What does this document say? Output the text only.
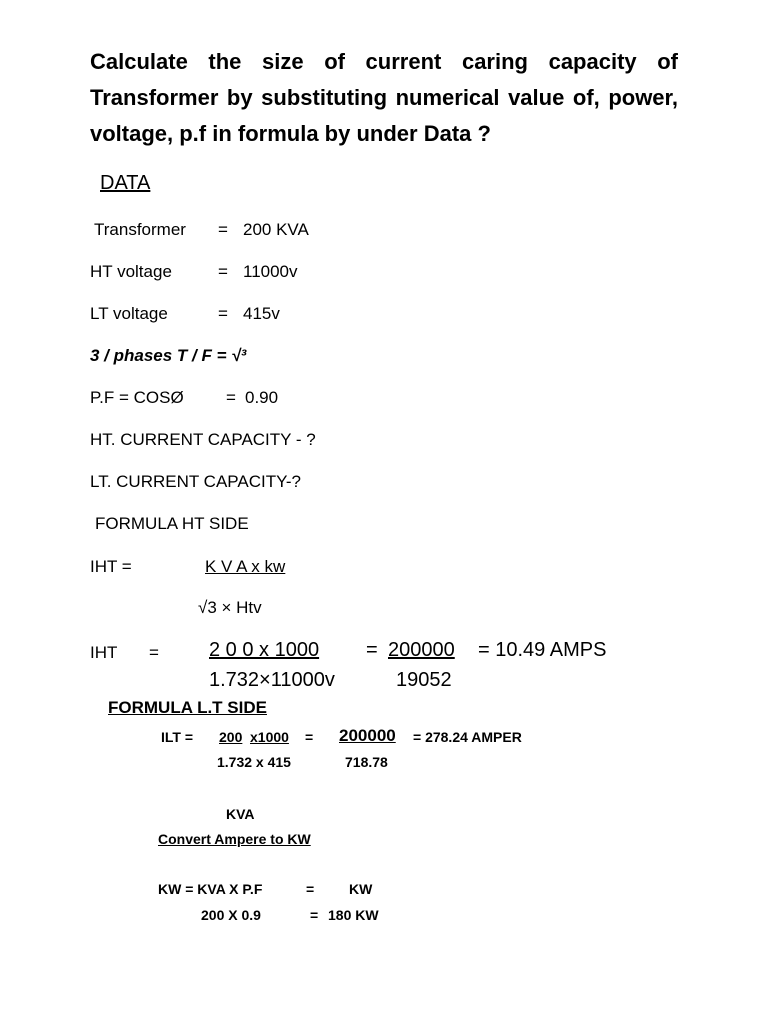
Calculate the size of current caring capacity of Transformer by substituting numerical value of, power, voltage, p.f in formula by under Data ?
DATA
Transformer = 200 KVA
HT voltage	= 11000v
LT voltage	= 415v
3 / phases T / F = √³
P.F = COSØ = 0.90
HT. CURRENT CAPACITY - ?
LT. CURRENT CAPACITY-?
FORMULA HT SIDE
IHT =	K V A x kw
√3 × Htv
IHT =	2 0 0 x 1000
1.732×11000v
= 200000
19052
= 10.49 AMPS
FORMULA L.T SIDE
ILT = 200 x1000 =
1.732 x 415
200000
718.78
= 278.24 AMPER
KVA
Convert Ampere to KW
KW = KVA X P.F	= KW
200 X 0.9	= 180 KW
